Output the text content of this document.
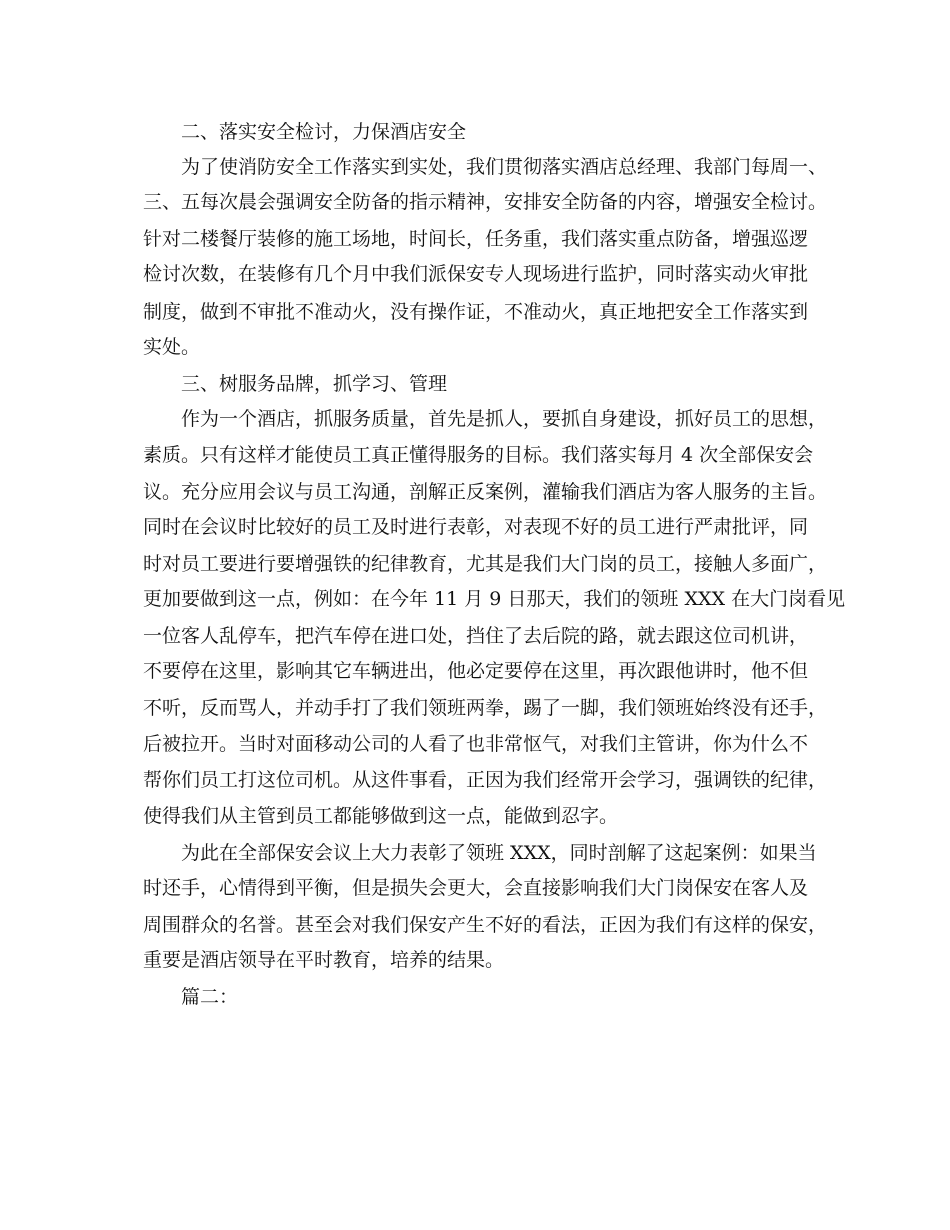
二、落实安全检讨，力保酒店安全
为了使消防安全工作落实到实处，我们贯彻落实酒店总经理、我部门每周一、
三、五每次晨会强调安全防备的指示精神，安排安全防备的内容，增强安全检讨。
针对二楼餐厅装修的施工场地，时间长，任务重，我们落实重点防备，增强巡逻
检讨次数，在装修有几个月中我们派保安专人现场进行监护，同时落实动火审批
制度，做到不审批不准动火，没有操作证，不准动火，真正地把安全工作落实到
实处。
三、树服务品牌，抓学习、管理
作为一个酒店，抓服务质量，首先是抓人，要抓自身建设，抓好员工的思想，
素质。只有这样才能使员工真正懂得服务的目标。我们落实每月 4 次全部保安会
议。充分应用会议与员工沟通，剖解正反案例，灌输我们酒店为客人服务的主旨。
同时在会议时比较好的员工及时进行表彰，对表现不好的员工进行严肃批评，同
时对员工要进行要增强铁的纪律教育，尤其是我们大门岗的员工，接触人多面广，
更加要做到这一点，例如：在今年 11 月 9 日那天，我们的领班 XXX 在大门岗看见
一位客人乱停车，把汽车停在进口处，挡住了去后院的路，就去跟这位司机讲，
不要停在这里，影响其它车辆进出，他必定要停在这里，再次跟他讲时，他不但
不听，反而骂人，并动手打了我们领班两拳，踢了一脚，我们领班始终没有还手，
后被拉开。当时对面移动公司的人看了也非常怄气，对我们主管讲，你为什么不
帮你们员工打这位司机。从这件事看，正因为我们经常开会学习，强调铁的纪律，
使得我们从主管到员工都能够做到这一点，能做到忍字。
为此在全部保安会议上大力表彰了领班 XXX，同时剖解了这起案例：如果当
时还手，心情得到平衡，但是损失会更大，会直接影响我们大门岗保安在客人及
周围群众的名誉。甚至会对我们保安产生不好的看法，正因为我们有这样的保安，
重要是酒店领导在平时教育，培养的结果。
篇二：
